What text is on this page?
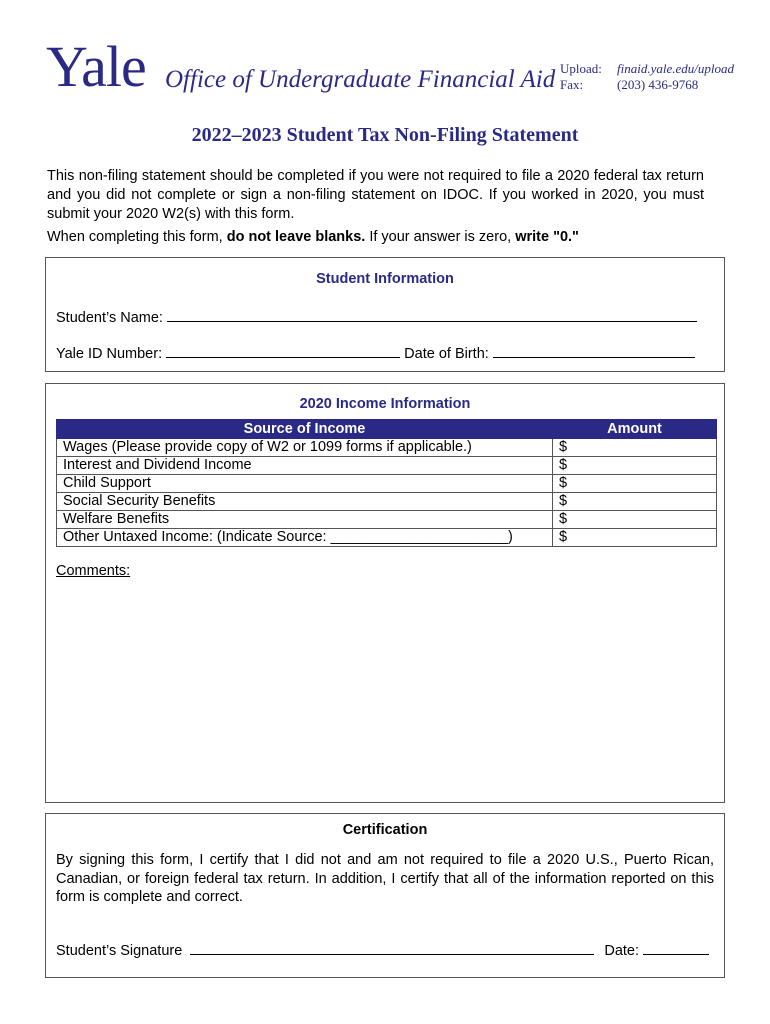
Yale Office of Undergraduate Financial Aid Upload:	finaid.yale.edu/upload
Fax:	(203) 436-9768
2022–2023 Student Tax Non-Filing Statement
This non-filing statement should be completed if you were not required to file a 2020 federal tax return and you did not complete or sign a non-filing statement on IDOC. If you worked in 2020, you must submit your 2020 W2(s) with this form.
When completing this form, do not leave blanks. If your answer is zero, write "0."
Student Information
Student’s Name:
Yale ID Number:	Date of Birth:
2020 Income Information
Source of Income	Amount
Wages (Please provide copy of W2 or 1099 forms if applicable.)	$
Interest and Dividend Income	$
Child Support	$
Social Security Benefits	$
Welfare Benefits	$
Other Untaxed Income: (Indicate Source: ______________________)	$
Comments:
Certification
By signing this form, I certify that I did not and am not required to file a 2020 U.S., Puerto Rican, Canadian, or foreign federal tax return. In addition, I certify that all of the information reported on this form is complete and correct.
Student’s Signature	Date:
